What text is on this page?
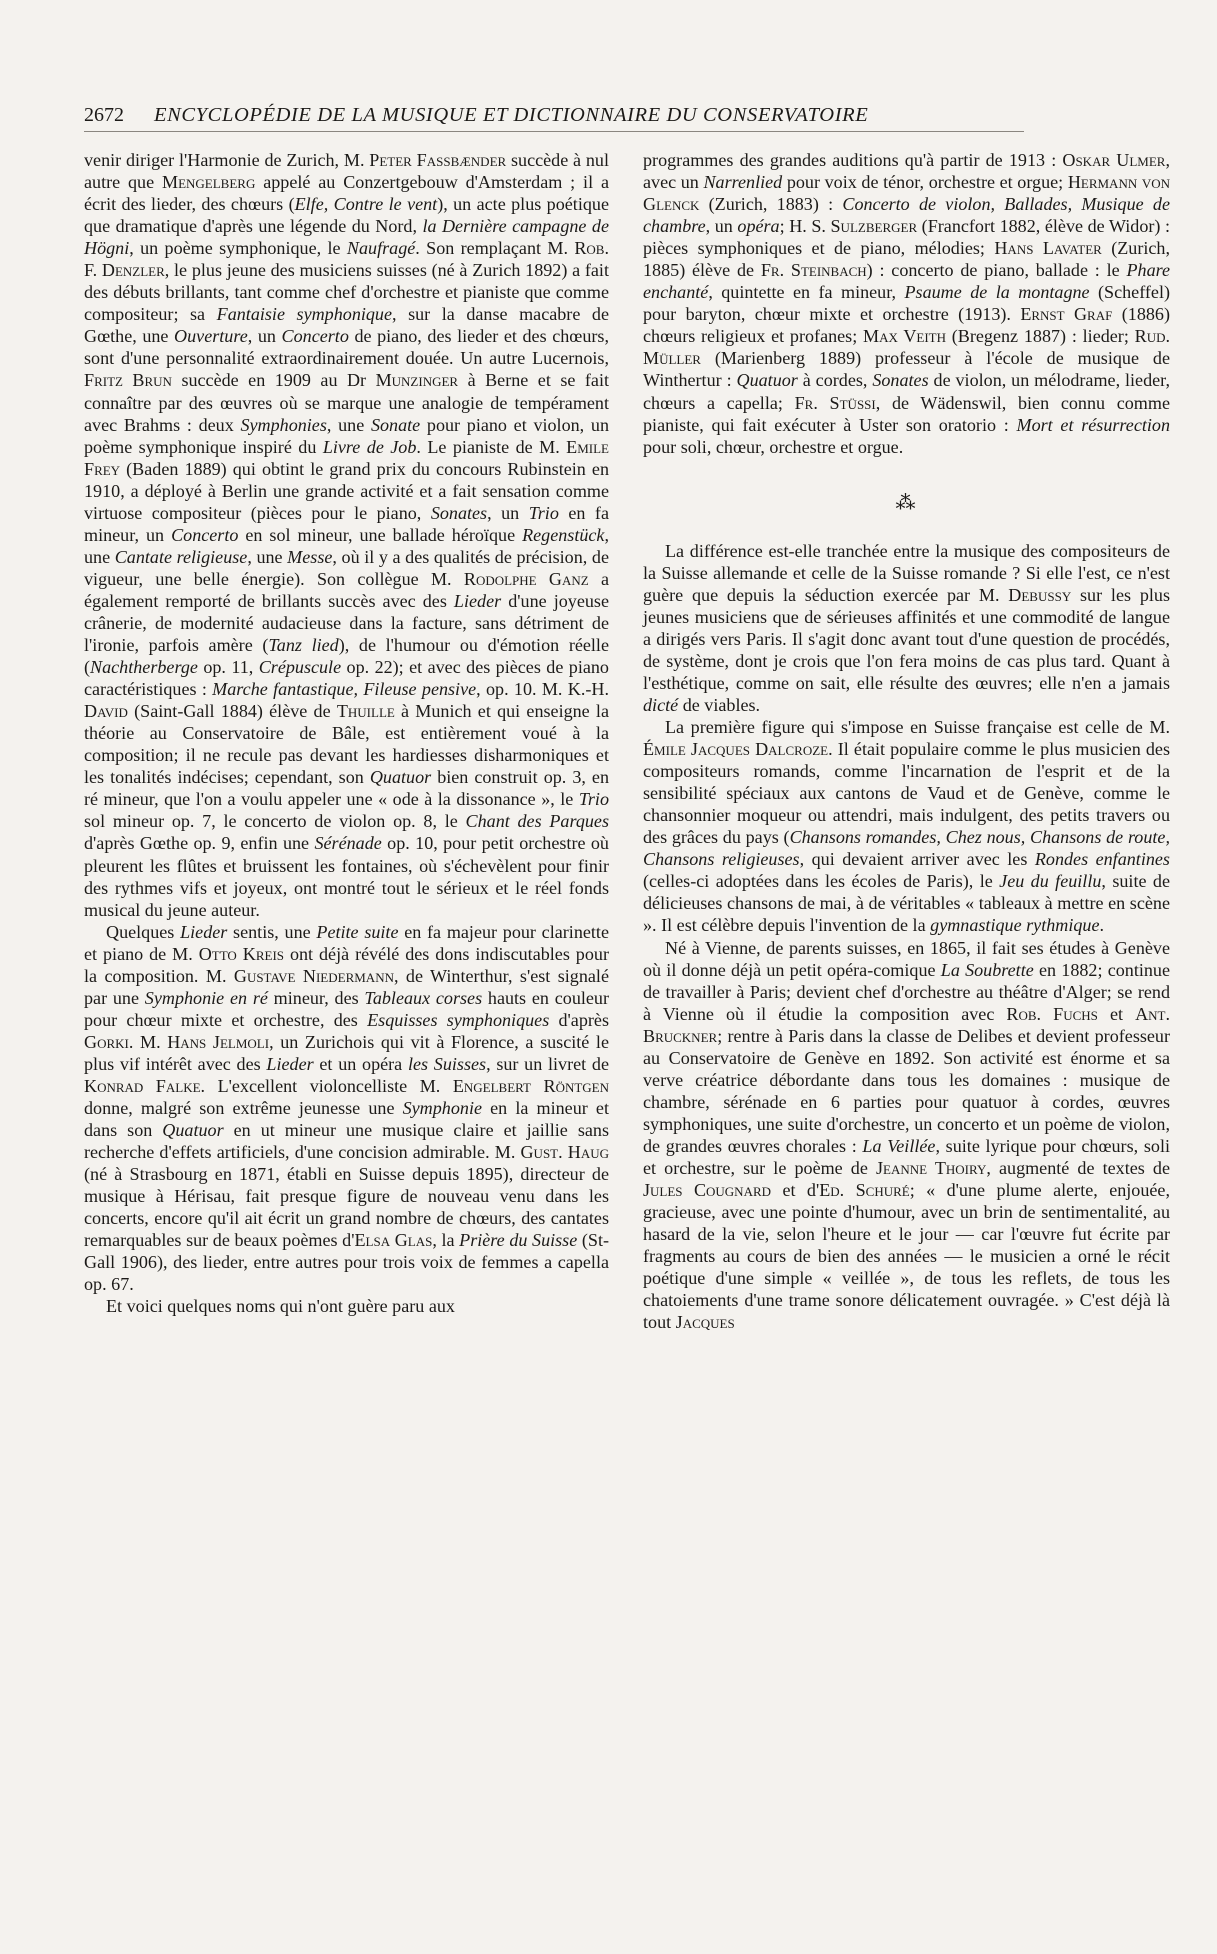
2672 ENCYCLOPÉDIE DE LA MUSIQUE ET DICTIONNAIRE DU CONSERVATOIRE

venir diriger l'Harmonie de Zurich, M. Peter Fassbænder succède à nul autre que Mengelberg appelé au Conzertgebouw d'Amsterdam ; il a écrit des lieder, des chœurs (Elfe, Contre le vent), un acte plus poétique que dramatique d'après une légende du Nord, la Dernière campagne de Högni, un poème symphonique, le Naufragé. Son remplaçant M. Rob. F. Denzler, le plus jeune des musiciens suisses (né à Zurich 1892) a fait des débuts brillants, tant comme chef d'orchestre et pianiste que comme compositeur; sa Fantaisie symphonique, sur la danse macabre de Gœthe, une Ouverture, un Concerto de piano, des lieder et des chœurs, sont d'une personnalité extraordinairement douée. Un autre Lucernois, Fritz Brun succède en 1909 au Dr Munzinger à Berne et se fait connaître par des œuvres où se marque une analogie de tempérament avec Brahms : deux Symphonies, une Sonate pour piano et violon, un poème symphonique inspiré du Livre de Job. Le pianiste de M. Emile Frey (Baden 1889) qui obtint le grand prix du concours Rubinstein en 1910, a déployé à Berlin une grande activité et a fait sensation comme virtuose compositeur (pièces pour le piano, Sonates, un Trio en fa mineur, un Concerto en sol mineur, une ballade héroïque Regenstück, une Cantate religieuse, une Messe, où il y a des qualités de précision, de vigueur, une belle énergie). Son collègue M. Rodolphe Ganz a également remporté de brillants succès avec des Lieder d'une joyeuse crânerie, de modernité audacieuse dans la facture, sans détriment de l'ironie, parfois amère (Tanz lied), de l'humour ou d'émotion réelle (Nachtherberge op. 11, Crépuscule op. 22); et avec des pièces de piano caractéristiques : Marche fantastique, Fileuse pensive, op. 10. M. K.-H. David (Saint-Gall 1884) élève de Thuille à Munich et qui enseigne la théorie au Conservatoire de Bâle, est entièrement voué à la composition; il ne recule pas devant les hardiesses disharmoniques et les tonalités indécises; cependant, son Quatuor bien construit op. 3, en ré mineur, que l'on a voulu appeler une « ode à la dissonance », le Trio sol mineur op. 7, le concerto de violon op. 8, le Chant des Parques d'après Gœthe op. 9, enfin une Sérénade op. 10, pour petit orchestre où pleurent les flûtes et bruissent les fontaines, où s'échevèlent pour finir des rythmes vifs et joyeux, ont montré tout le sérieux et le réel fonds musical du jeune auteur.

Quelques Lieder sentis, une Petite suite en fa majeur pour clarinette et piano de M. Otto Kreis ont déjà révélé des dons indiscutables pour la composition. M. Gustave Niedermann, de Winterthur, s'est signalé par une Symphonie en ré mineur, des Tableaux corses hauts en couleur pour chœur mixte et orchestre, des Esquisses symphoniques d'après Gorki. M. Hans Jelmoli, un Zurichois qui vit à Florence, a suscité le plus vif intérêt avec des Lieder et un opéra les Suisses, sur un livret de Konrad Falke. L'excellent violoncelliste M. Engelbert Röntgen donne, malgré son extrême jeunesse une Symphonie en la mineur et dans son Quatuor en ut mineur une musique claire et jaillie sans recherche d'effets artificiels, d'une concision admirable. M. Gust. Haug (né à Strasbourg en 1871, établi en Suisse depuis 1895), directeur de musique à Hérisau, fait presque figure de nouveau venu dans les concerts, encore qu'il ait écrit un grand nombre de chœurs, des cantates remarquables sur de beaux poèmes d'Elsa Glas, la Prière du Suisse (St-Gall 1906), des lieder, entre autres pour trois voix de femmes a capella op. 67.

Et voici quelques noms qui n'ont guère paru aux

programmes des grandes auditions qu'à partir de 1913 : Oskar Ulmer, avec un Narrenlied pour voix de ténor, orchestre et orgue; Hermann von Glenck (Zurich, 1883) : Concerto de violon, Ballades, Musique de chambre, un opéra; H. S. Sulzberger (Francfort 1882, élève de Widor) : pièces symphoniques et de piano, mélodies; Hans Lavater (Zurich, 1885) élève de Fr. Steinbach) : concerto de piano, ballade : le Phare enchanté, quintette en fa mineur, Psaume de la montagne (Scheffel) pour baryton, chœur mixte et orchestre (1913). Ernst Graf (1886) chœurs religieux et profanes; Max Veith (Bregenz 1887) : lieder; Rud. Müller (Marienberg 1889) professeur à l'école de musique de Winthertur : Quatuor à cordes, Sonates de violon, un mélodrame, lieder, chœurs a capella; Fr. Stüssi, de Wädenswil, bien connu comme pianiste, qui fait exécuter à Uster son oratorio : Mort et résurrection pour soli, chœur, orchestre et orgue.

⁂

La différence est-elle tranchée entre la musique des compositeurs de la Suisse allemande et celle de la Suisse romande ? Si elle l'est, ce n'est guère que depuis la séduction exercée par M. Debussy sur les plus jeunes musiciens que de sérieuses affinités et une commodité de langue a dirigés vers Paris. Il s'agit donc avant tout d'une question de procédés, de système, dont je crois que l'on fera moins de cas plus tard. Quant à l'esthétique, comme on sait, elle résulte des œuvres; elle n'en a jamais dicté de viables.

La première figure qui s'impose en Suisse française est celle de M. Émile Jacques Dalcroze. Il était populaire comme le plus musicien des compositeurs romands, comme l'incarnation de l'esprit et de la sensibilité spéciaux aux cantons de Vaud et de Genève, comme le chansonnier moqueur ou attendri, mais indulgent, des petits travers ou des grâces du pays (Chansons romandes, Chez nous, Chansons de route, Chansons religieuses, qui devaient arriver avec les Rondes enfantines (celles-ci adoptées dans les écoles de Paris), le Jeu du feuillu, suite de délicieuses chansons de mai, à de véritables « tableaux à mettre en scène ». Il est célèbre depuis l'invention de la gymnastique rythmique.

Né à Vienne, de parents suisses, en 1865, il fait ses études à Genève où il donne déjà un petit opéra-comique La Soubrette en 1882; continue de travailler à Paris; devient chef d'orchestre au théâtre d'Alger; se rend à Vienne où il étudie la composition avec Rob. Fuchs et Ant. Bruckner; rentre à Paris dans la classe de Delibes et devient professeur au Conservatoire de Genève en 1892. Son activité est énorme et sa verve créatrice débordante dans tous les domaines : musique de chambre, sérénade en 6 parties pour quatuor à cordes, œuvres symphoniques, une suite d'orchestre, un concerto et un poème de violon, de grandes œuvres chorales : La Veillée, suite lyrique pour chœurs, soli et orchestre, sur le poème de Jeanne Thoiry, augmenté de textes de Jules Cougnard et d'Ed. Schuré; « d'une plume alerte, enjouée, gracieuse, avec une pointe d'humour, avec un brin de sentimentalité, au hasard de la vie, selon l'heure et le jour — car l'œuvre fut écrite par fragments au cours de bien des années — le musicien a orné le récit poétique d'une simple « veillée », de tous les reflets, de tous les chatoiements d'une trame sonore délicatement ouvragée. » C'est déjà là tout Jacques
